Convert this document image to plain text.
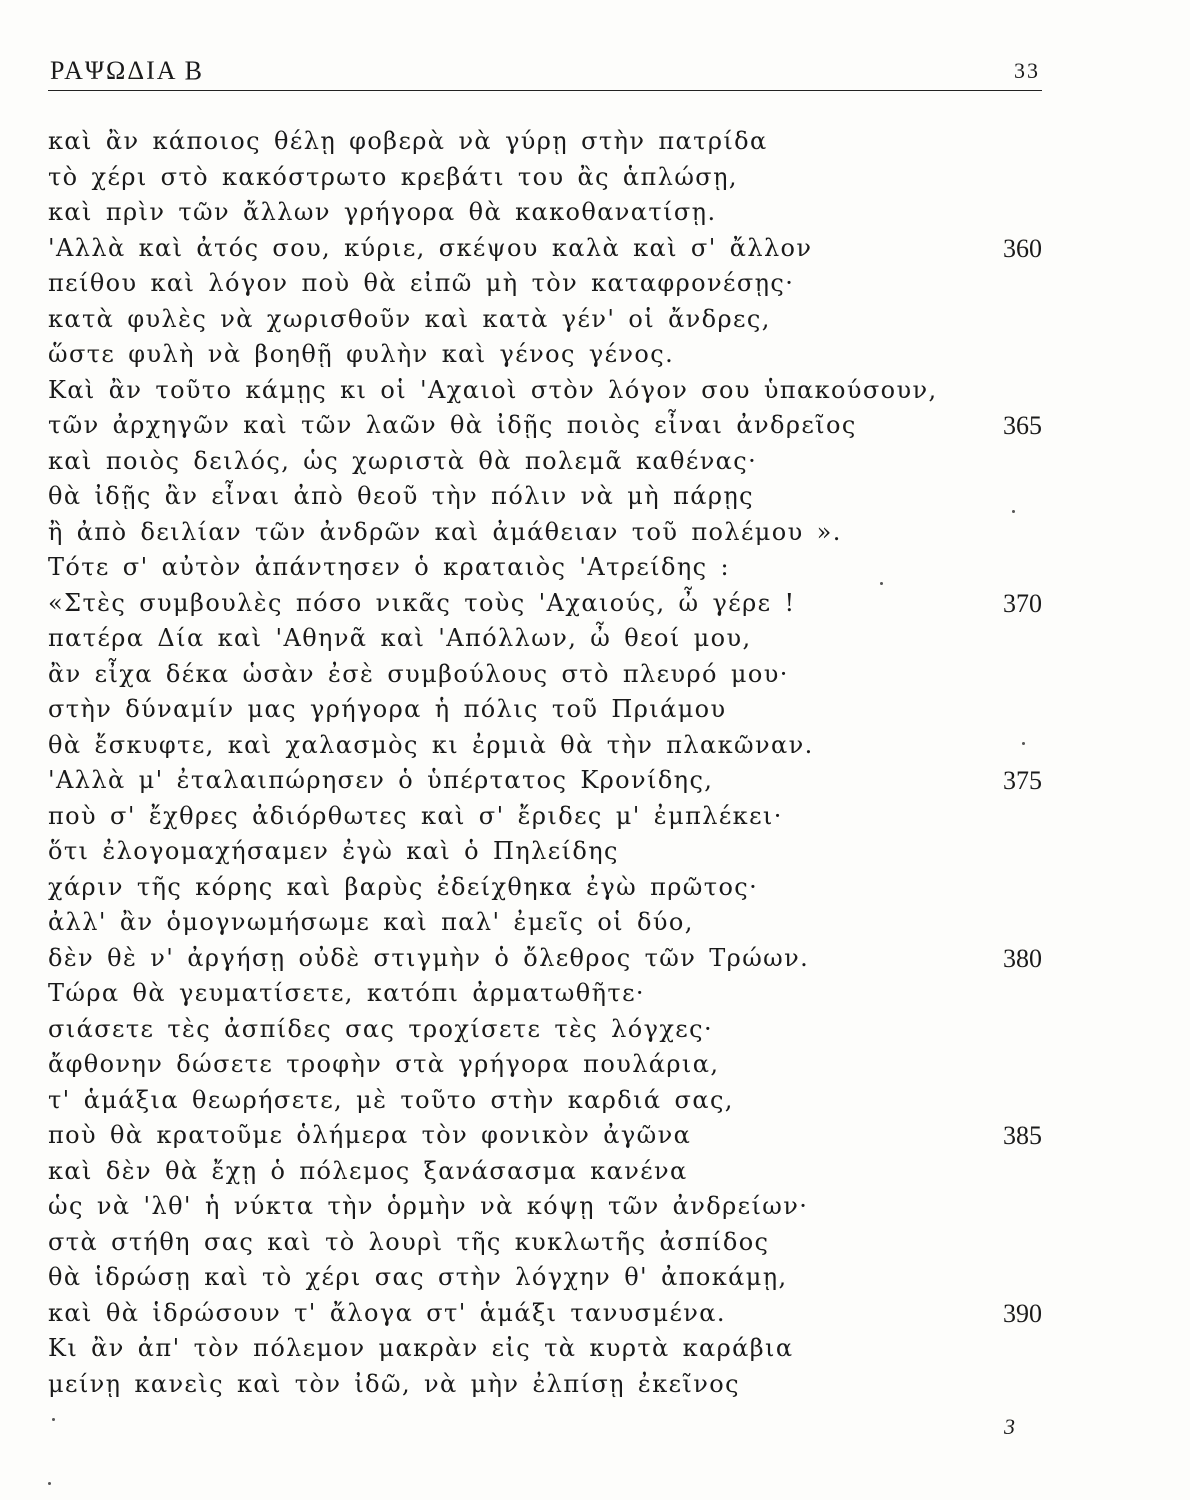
ΡΑΨΩΔΙΑ Β	33
καὶ ἂν κάποιος θέλῃ φοβερὰ νὰ γύρῃ στὴν πατρίδα
τὸ χέρι στὸ κακόστρωτο κρεβάτι του ἂς ἁπλώσῃ,
καὶ πρὶν τῶν ἄλλων γρήγορα θὰ κακοθανατίσῃ.
'Αλλὰ καὶ ἀτός σου, κύριε, σκέψου καλὰ καὶ σ' ἄλλον	360
πείθου καὶ λόγον ποὺ θὰ εἰπῶ μὴ τὸν καταφρονέσῃς·
κατὰ φυλὲς νὰ χωρισθοῦν καὶ κατὰ γέν' οἱ ἄνδρες,
ὥστε φυλὴ νὰ βοηθῇ φυλὴν καὶ γένος γένος.
Καὶ ἂν τοῦτο κάμῃς κι οἱ 'Αχαιοὶ στὸν λόγον σου ὑπακούσουν,
τῶν ἀρχηγῶν καὶ τῶν λαῶν θὰ ἰδῇς ποιὸς εἶναι ἀνδρεῖος	365
καὶ ποιὸς δειλός, ὡς χωριστὰ θὰ πολεμᾶ καθένας·
θὰ ἰδῇς ἂν εἶναι ἀπὸ θεοῦ τὴν πόλιν νὰ μὴ πάρῃς
ἢ ἀπὸ δειλίαν τῶν ἀνδρῶν καὶ ἀμάθειαν τοῦ πολέμου ».
Τότε σ' αὐτὸν ἀπάντησεν ὁ κραταιὸς 'Ατρείδης :
«Στὲς συμβουλὲς πόσο νικᾶς τοὺς 'Αχαιούς, ὦ γέρε !	370
πατέρα Δία καὶ 'Αθηνᾶ καὶ 'Απόλλων, ὦ θεοί μου,
ἂν εἶχα δέκα ὡσὰν ἐσὲ συμβούλους στὸ πλευρό μου·
στὴν δύναμίν μας γρήγορα ἡ πόλις τοῦ Πριάμου
θὰ ἔσκυφτε, καὶ χαλασμὸς κι ἐρμιὰ θὰ τὴν πλακῶναν.
'Αλλὰ μ' ἐταλαιπώρησεν ὁ ὑπέρτατος Κρονίδης,	375
ποὺ σ' ἔχθρες ἀδιόρθωτες καὶ σ' ἔριδες μ' ἐμπλέκει·
ὅτι ἐλογομαχήσαμεν ἐγὼ καὶ ὁ Πηλείδης
χάριν τῆς κόρης καὶ βαρὺς ἐδείχθηκα ἐγὼ πρῶτος·
ἀλλ' ἂν ὁμογνωμήσωμε καὶ παλ' ἐμεῖς οἱ δύο,
δὲν θὲ ν' ἀργήσῃ οὐδὲ στιγμὴν ὁ ὄλεθρος τῶν Τρώων.	380
Τώρα θὰ γευματίσετε, κατόπι ἀρματωθῆτε·
σιάσετε τὲς ἀσπίδες σας τροχίσετε τὲς λόγχες·
ἄφθονην δώσετε τροφὴν στὰ γρήγορα πουλάρια,
τ' ἁμάξια θεωρήσετε, μὲ τοῦτο στὴν καρδιά σας,
ποὺ θὰ κρατοῦμε ὁλήμερα τὸν φονικὸν ἀγῶνα	385
καὶ δὲν θὰ ἔχῃ ὁ πόλεμος ξανάσασμα κανένα
ὡς νὰ 'λθ' ἡ νύκτα τὴν ὁρμὴν νὰ κόψῃ τῶν ἀνδρείων·
στὰ στήθη σας καὶ τὸ λουρὶ τῆς κυκλωτῆς ἀσπίδος
θὰ ἱδρώσῃ καὶ τὸ χέρι σας στὴν λόγχην θ' ἀποκάμῃ,
καὶ θὰ ἱδρώσουν τ' ἄλογα στ' ἁμάξι τανυσμένα.	390
Κι ἂν ἀπ' τὸν πόλεμον μακρὰν εἰς τὰ κυρτὰ καράβια
μείνῃ κανεὶς καὶ τὸν ἰδῶ, νὰ μὴν ἐλπίσῃ ἐκεῖνος
3
